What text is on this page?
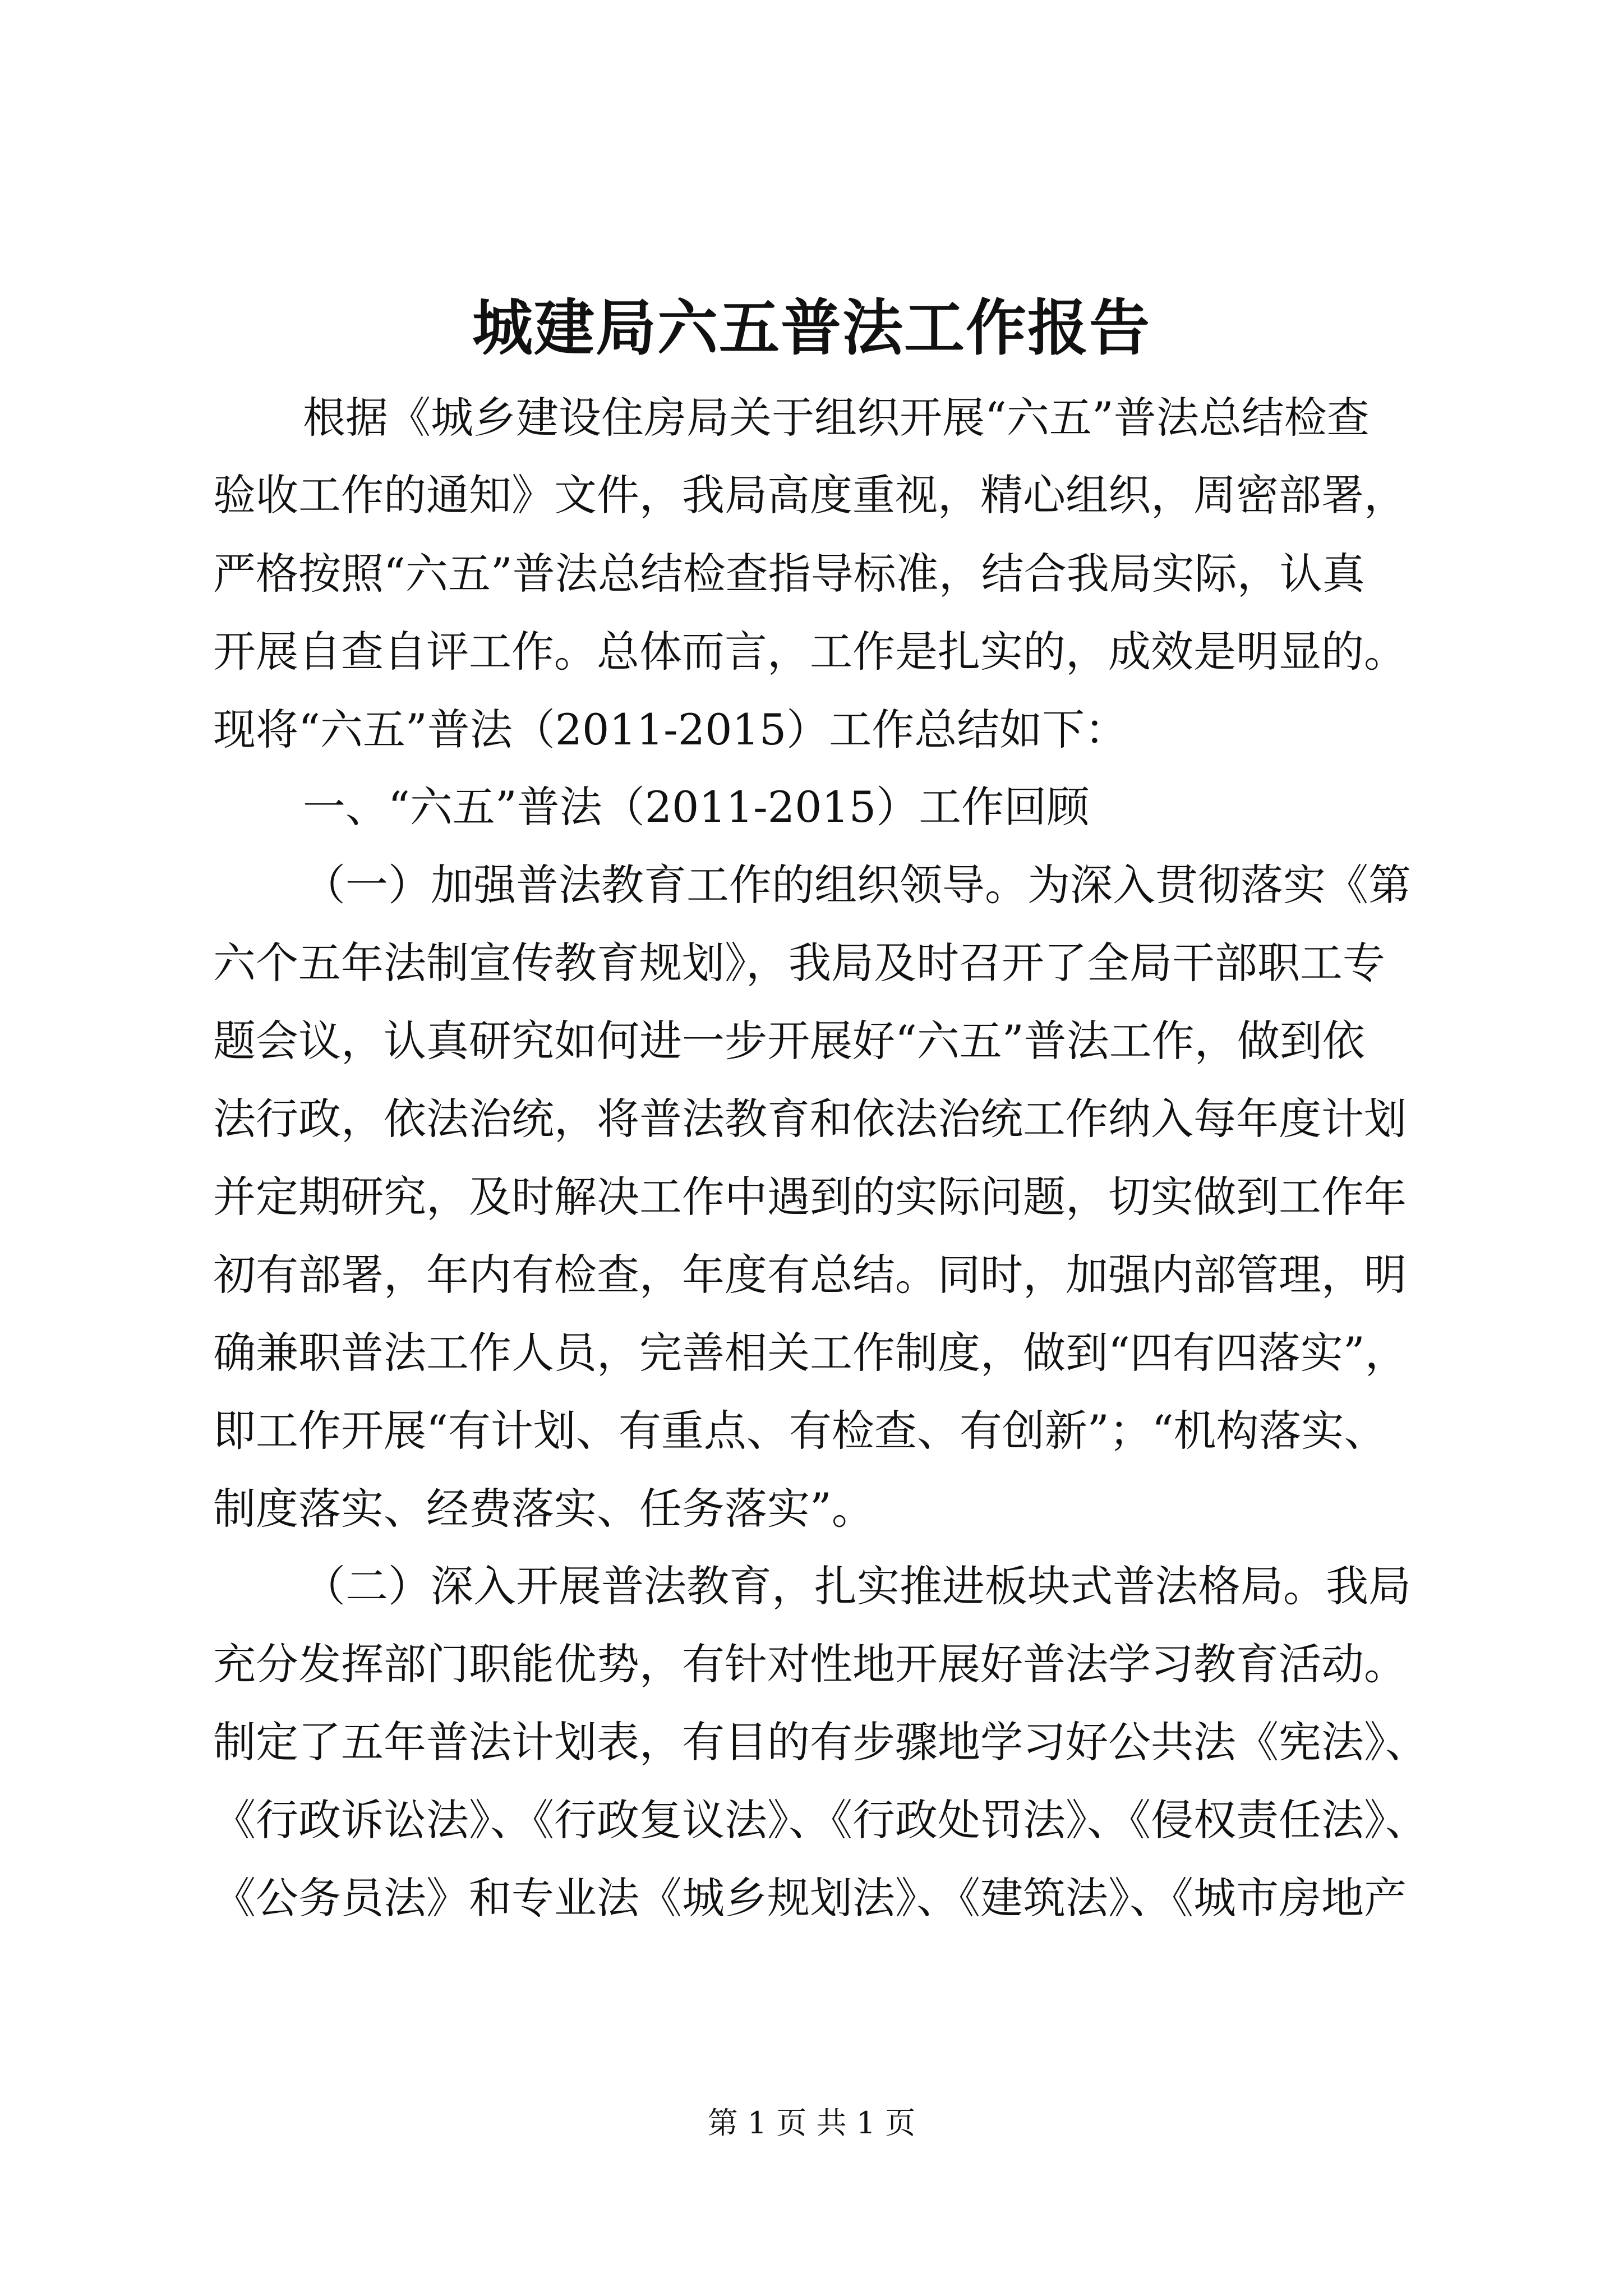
城建局六五普法工作报告
根据《城乡建设住房局关于组织开展“六五”普法总结检查
验收工作的通知》文件，我局高度重视，精心组织，周密部署，
严格按照“六五”普法总结检查指导标准，结合我局实际，认真
开展自查自评工作。总体而言，工作是扎实的，成效是明显的。
现将“六五”普法（2011-2015）工作总结如下：
一、“六五”普法（2011-2015）工作回顾
（一）加强普法教育工作的组织领导。为深入贯彻落实《第
六个五年法制宣传教育规划》，我局及时召开了全局干部职工专
题会议，认真研究如何进一步开展好“六五”普法工作，做到依
法行政，依法治统，将普法教育和依法治统工作纳入每年度计划
并定期研究，及时解决工作中遇到的实际问题，切实做到工作年
初有部署，年内有检查，年度有总结。同时，加强内部管理，明
确兼职普法工作人员，完善相关工作制度，做到“四有四落实”，
即工作开展“有计划、有重点、有检查、有创新”；“机构落实、
制度落实、经费落实、任务落实”。
（二）深入开展普法教育，扎实推进板块式普法格局。我局
充分发挥部门职能优势，有针对性地开展好普法学习教育活动。
制定了五年普法计划表，有目的有步骤地学习好公共法《宪法》、
《行政诉讼法》、《行政复议法》、《行政处罚法》、《侵权责任法》、
《公务员法》和专业法《城乡规划法》、《建筑法》、《城市房地产
第 1 页 共 1 页
